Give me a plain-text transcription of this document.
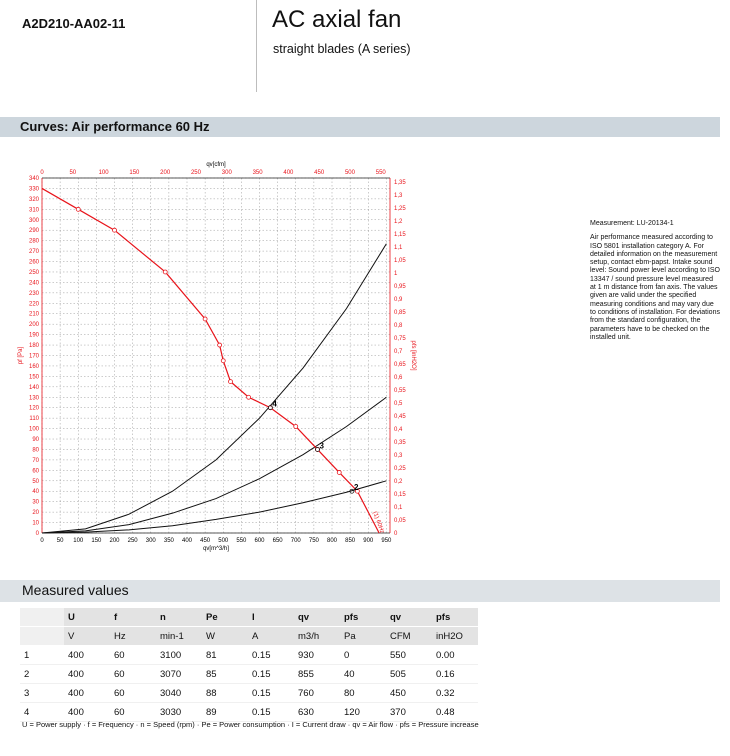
A2D210-AA02-11	AC axial fan
straight blades (A series)
Curves: Air performance 60 Hz
0 50 100 150 200 250 300 350 400 450 500 550 600 650 700 750 800 850 900 950
0	50	100	150	200	250	300	350	400	450	500	550
0
10
20
30
40
50
60
70
80
90
100
110
120
130
140
150
160
170
180
190
200
210
220
230
240
250
260
270
280
290
300
310
320
330
340
0
0,05
0,1
0,15
0,2
0,25
0,3
0,35
0,4
0,45
0,5
0,55
0,6
0,65
0,7
0,75
0,8
0,85
0,9
0,95
1
1,05
1,1
1,15
1,2
1,25
1,3
1,35
qv[m^3/h]
qv[cfm]
pf [Pa]	pfs [inH2O]
(1) 60Hz
2
3
4
Measurement: LU-20134-1
Air performance measured according to ISO 5801 installation category A. For detailed information on the measurement setup, contact ebm-papst. Intake sound level: Sound power level according to ISO 13347 / sound pressure level measured at 1 m distance from fan axis. The values given are valid under the specified measuring conditions and may vary due to conditions of installation. For deviations from the standard configuration, the parameters have to be checked on the installed unit.
Measured values
	U	f	n	Pe	I	qv	pfs	qv	pfs
	V	Hz	min-1	W	A	m3/h	Pa	CFM	inH2O
1	400	60	3100	81	0.15	930	0	550	0.00
2	400	60	3070	85	0.15	855	40	505	0.16
3	400	60	3040	88	0.15	760	80	450	0.32
4	400	60	3030	89	0.15	630	120	370	0.48
U = Power supply · f = Frequency · n = Speed (rpm) · Pe = Power consumption · I = Current draw · qv = Air flow · pfs = Pressure increase
